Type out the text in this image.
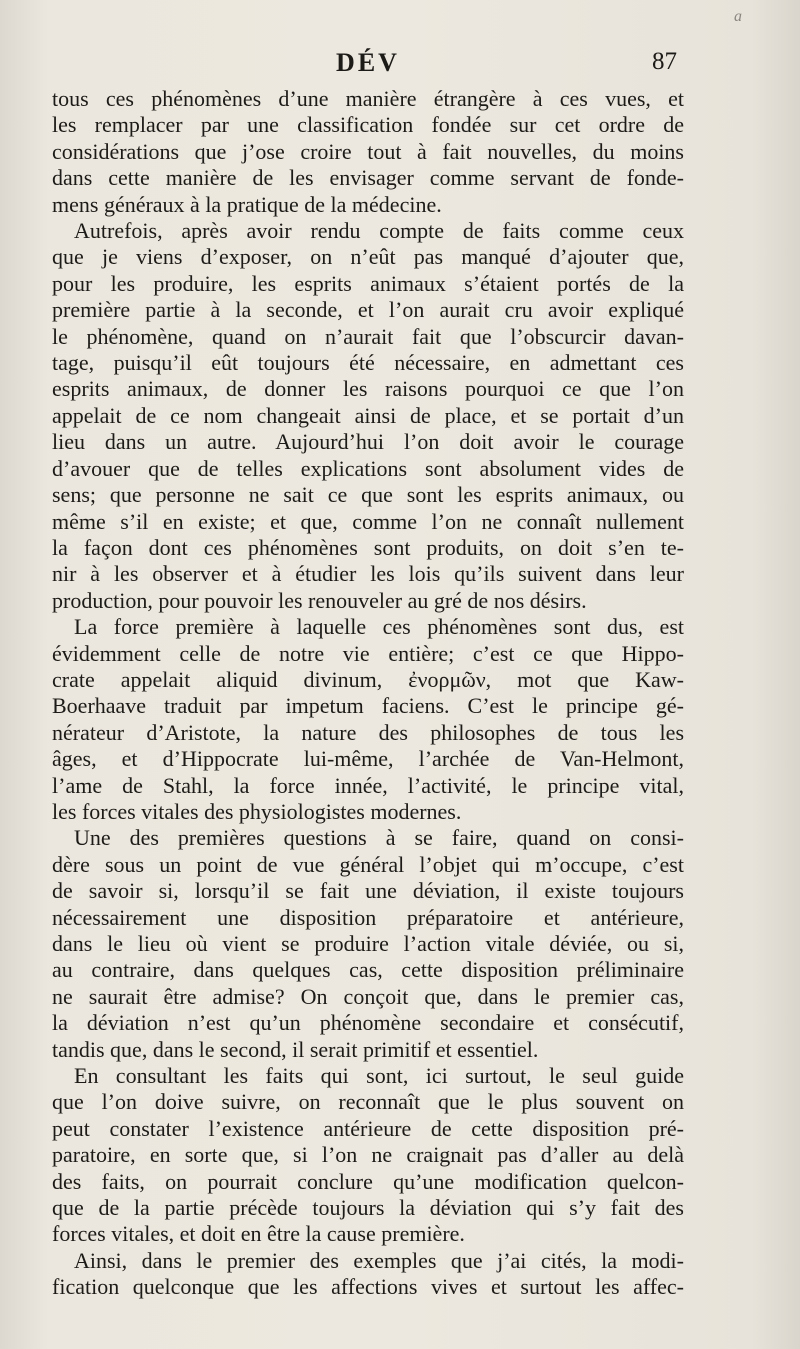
a
DÉV	87
tous ces phénomènes d’une manière étrangère à ces vues, et
les remplacer par une classification fondée sur cet ordre de
considérations que j’ose croire tout à fait nouvelles, du moins
dans cette manière de les envisager comme servant de fonde-
mens généraux à la pratique de la médecine.
Autrefois, après avoir rendu compte de faits comme ceux
que je viens d’exposer, on n’eût pas manqué d’ajouter que,
pour les produire, les esprits animaux s’étaient portés de la
première partie à la seconde, et l’on aurait cru avoir expliqué
le phénomène, quand on n’aurait fait que l’obscurcir davan-
tage, puisqu’il eût toujours été nécessaire, en admettant ces
esprits animaux, de donner les raisons pourquoi ce que l’on
appelait de ce nom changeait ainsi de place, et se portait d’un
lieu dans un autre. Aujourd’hui l’on doit avoir le courage
d’avouer que de telles explications sont absolument vides de
sens; que personne ne sait ce que sont les esprits animaux, ou
même s’il en existe; et que, comme l’on ne connaît nullement
la façon dont ces phénomènes sont produits, on doit s’en te-
nir à les observer et à étudier les lois qu’ils suivent dans leur
production, pour pouvoir les renouveler au gré de nos désirs.
La force première à laquelle ces phénomènes sont dus, est
évidemment celle de notre vie entière; c’est ce que Hippo-
crate appelait aliquid divinum, ἐνορμῶν, mot que Kaw-
Boerhaave traduit par impetum faciens. C’est le principe gé-
nérateur d’Aristote, la nature des philosophes de tous les
âges, et d’Hippocrate lui-même, l’archée de Van-Helmont,
l’ame de Stahl, la force innée, l’activité, le principe vital,
les forces vitales des physiologistes modernes.
Une des premières questions à se faire, quand on consi-
dère sous un point de vue général l’objet qui m’occupe, c’est
de savoir si, lorsqu’il se fait une déviation, il existe toujours
nécessairement une disposition préparatoire et antérieure,
dans le lieu où vient se produire l’action vitale déviée, ou si,
au contraire, dans quelques cas, cette disposition préliminaire
ne saurait être admise? On conçoit que, dans le premier cas,
la déviation n’est qu’un phénomène secondaire et consécutif,
tandis que, dans le second, il serait primitif et essentiel.
En consultant les faits qui sont, ici surtout, le seul guide
que l’on doive suivre, on reconnaît que le plus souvent on
peut constater l’existence antérieure de cette disposition pré-
paratoire, en sorte que, si l’on ne craignait pas d’aller au delà
des faits, on pourrait conclure qu’une modification quelcon-
que de la partie précède toujours la déviation qui s’y fait des
forces vitales, et doit en être la cause première.
Ainsi, dans le premier des exemples que j’ai cités, la modi-
fication quelconque que les affections vives et surtout les affec-
